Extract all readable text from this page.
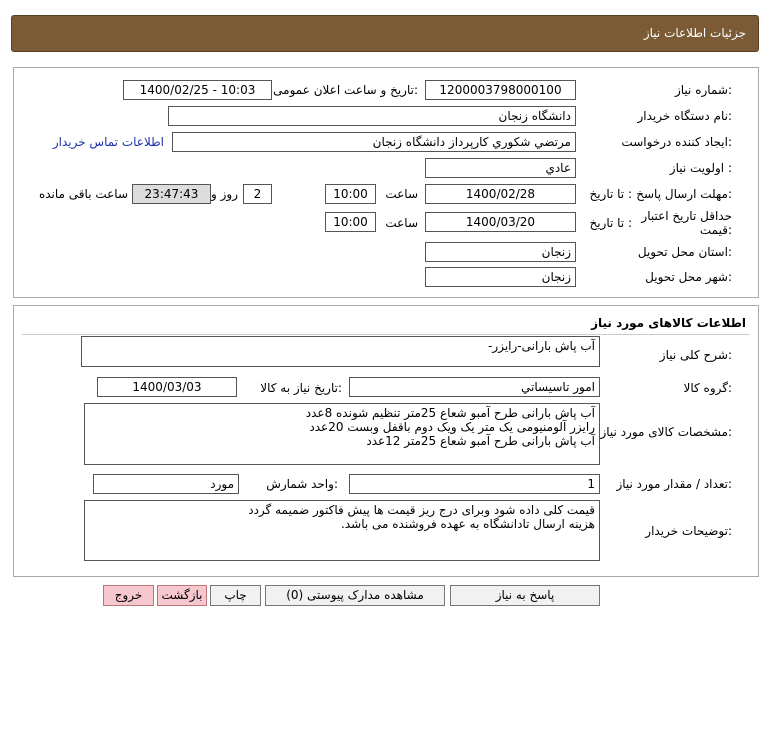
جزئیات اطلاعات نیاز
شماره نیاز:
1200003798000100
تاریخ و ساعت اعلان عمومی:
1400/02/25 - 10:03
نام دستگاه خریدار:
دانشگاه زنجان
ایجاد کننده درخواست:
مرتضي شكوري كارپرداز دانشگاه زنجان
اطلاعات تماس خریدار
اولویت نیاز :
عادي
مهلت ارسال پاسخ:
تا تاریخ :
1400/02/28
ساعت
10:00
2
روز و
23:47:43
ساعت باقی مانده
حداقل تاریخ اعتبار قیمت:
تا تاریخ :
1400/03/20
ساعت
10:00
استان محل تحویل:
زنجان
شهر محل تحویل:
زنجان
اطلاعات کالاهای مورد نیاز
شرح کلی نیاز:
آب پاش بارانی-رایزر-
گروه کالا:
امور تاسيساتي
تاریخ نیاز به کالا:
1400/03/03
مشخصات کالای مورد نیاز:
آب پاش بارانی طرح آمبو شعاع 25متر تنظیم شونده 8عدد
رایزر آلومنیومی یک متر یک ویک دوم باقفل وبست 20عدد
آب پاش بارانی طرح آمبو شعاع 25متر 12عدد
تعداد / مقدار مورد نیاز:
1
واحد شمارش:
مورد
توضیحات خریدار:
قیمت کلی داده شود وبرای درج ریز قیمت ها پیش فاکتور ضمیمه گردد
هزینه ارسال تادانشگاه به عهده فروشنده می باشد.
پاسخ به نیاز
مشاهده مدارک پیوستی (0)
چاپ
بازگشت
خروج
